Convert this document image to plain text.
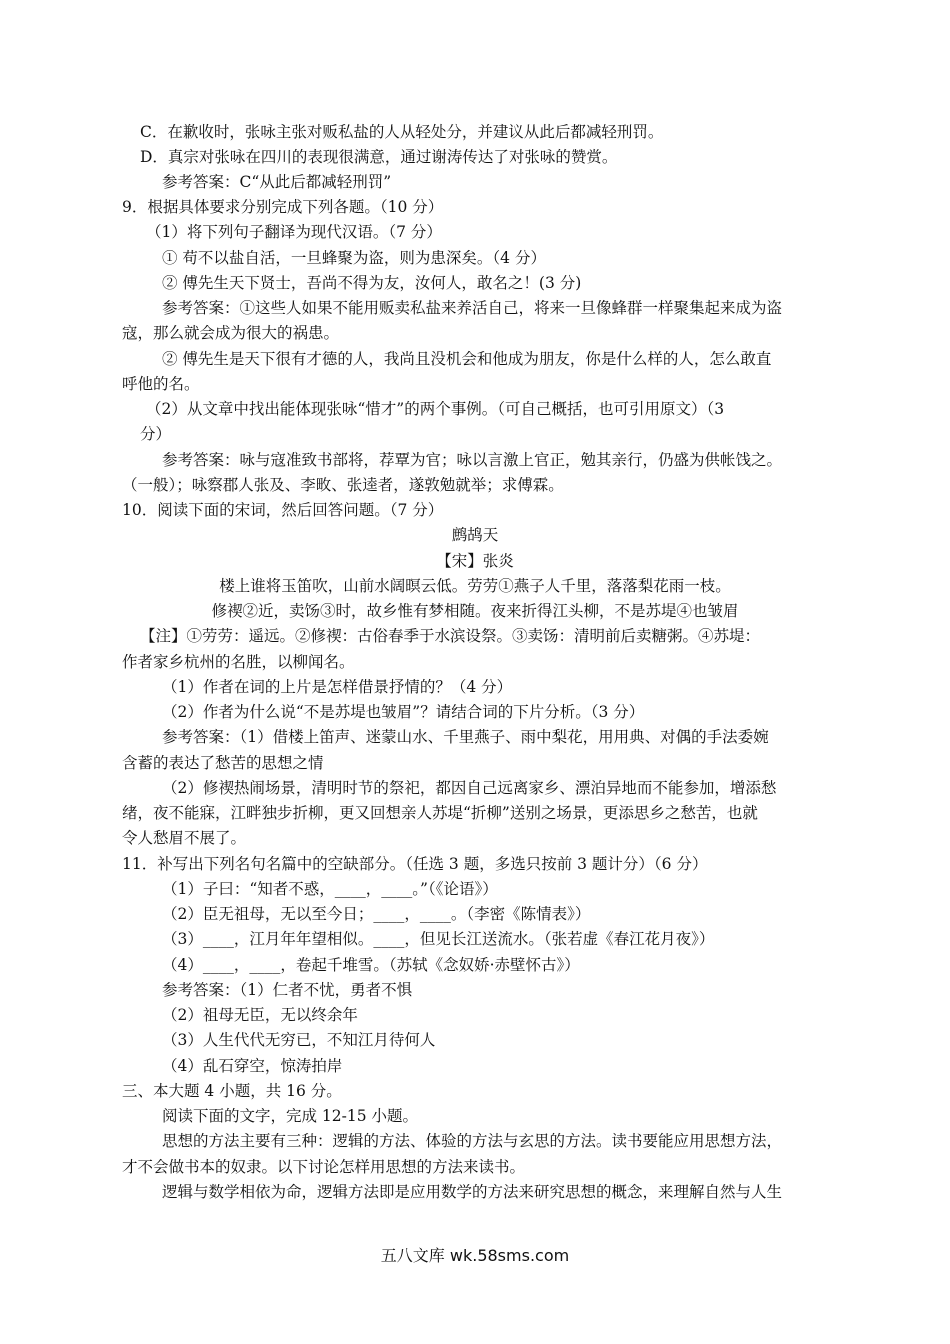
C．在歉收时，张咏主张对贩私盐的人从轻处分，并建议从此后都减轻刑罚。
D．真宗对张咏在四川的表现很满意，通过谢涛传达了对张咏的赞赏。
参考答案：C“从此后都减轻刑罚”
9．根据具体要求分别完成下列各题。（10 分）
（1）将下列句子翻译为现代汉语。（7 分）
① 苟不以盐自活，一旦蜂聚为盗，则为患深矣。（4 分）
② 傅先生天下贤士，吾尚不得为友，汝何人，敢名之！(3 分)
参考答案：①这些人如果不能用贩卖私盐来养活自己，将来一旦像蜂群一样聚集起来成为盗
寇，那么就会成为很大的祸患。
② 傅先生是天下很有才德的人，我尚且没机会和他成为朋友，你是什么样的人，怎么敢直
呼他的名。
（2）从文章中找出能体现张咏“惜才”的两个事例。（可自己概括，也可引用原文）（3
分）
参考答案：咏与寇准致书部将，荐覃为官；咏以言激上官正，勉其亲行，仍盛为供帐饯之。
（一般）；咏察郡人张及、李畋、张逵者，遂敦勉就举；求傅霖。
10．阅读下面的宋词，然后回答问题。（7 分）
鹧鸪天
【宋】张炎
楼上谁将玉笛吹，山前水阔暝云低。劳劳①燕子人千里，落落梨花雨一枝。
修禊②近，卖饧③时，故乡惟有梦相随。夜来折得江头柳，不是苏堤④也皱眉
【注】①劳劳：遥远。②修禊：古俗春季于水滨设祭。③卖饧：清明前后卖糖粥。④苏堤：
作者家乡杭州的名胜，以柳闻名。
（1）作者在词的上片是怎样借景抒情的？（4 分）
（2）作者为什么说“不是苏堤也皱眉”？请结合词的下片分析。（3 分）
参考答案：（1）借楼上笛声、迷蒙山水、千里燕子、雨中梨花，用用典、对偶的手法委婉
含蓄的表达了愁苦的思想之情
（2）修禊热闹场景，清明时节的祭祀，都因自己远离家乡、漂泊异地而不能参加，增添愁
绪，夜不能寐，江畔独步折柳，更又回想亲人苏堤“折柳”送别之场景，更添思乡之愁苦，也就
令人愁眉不展了。
11．补写出下列名句名篇中的空缺部分。（任选 3 题，多选只按前 3 题计分）（6 分）
（1）子曰：“知者不惑，____，____。”（《论语》）
（2）臣无祖母，无以至今日；____，____。（李密《陈情表》）
（3）____，江月年年望相似。____，但见长江送流水。（张若虚《春江花月夜》）
（4）____，____，卷起千堆雪。（苏轼《念奴娇·赤壁怀古》）
参考答案：（1）仁者不忧，勇者不惧
（2）祖母无臣，无以终余年
（3）人生代代无穷已，不知江月待何人
（4）乱石穿空，惊涛拍岸
三、本大题 4 小题，共 16 分。
阅读下面的文字，完成 12-15 小题。
思想的方法主要有三种：逻辑的方法、体验的方法与玄思的方法。读书要能应用思想方法，
才不会做书本的奴隶。以下讨论怎样用思想的方法来读书。
逻辑与数学相依为命，逻辑方法即是应用数学的方法来研究思想的概念，来理解自然与人生
五八文库 wk.58sms.com
